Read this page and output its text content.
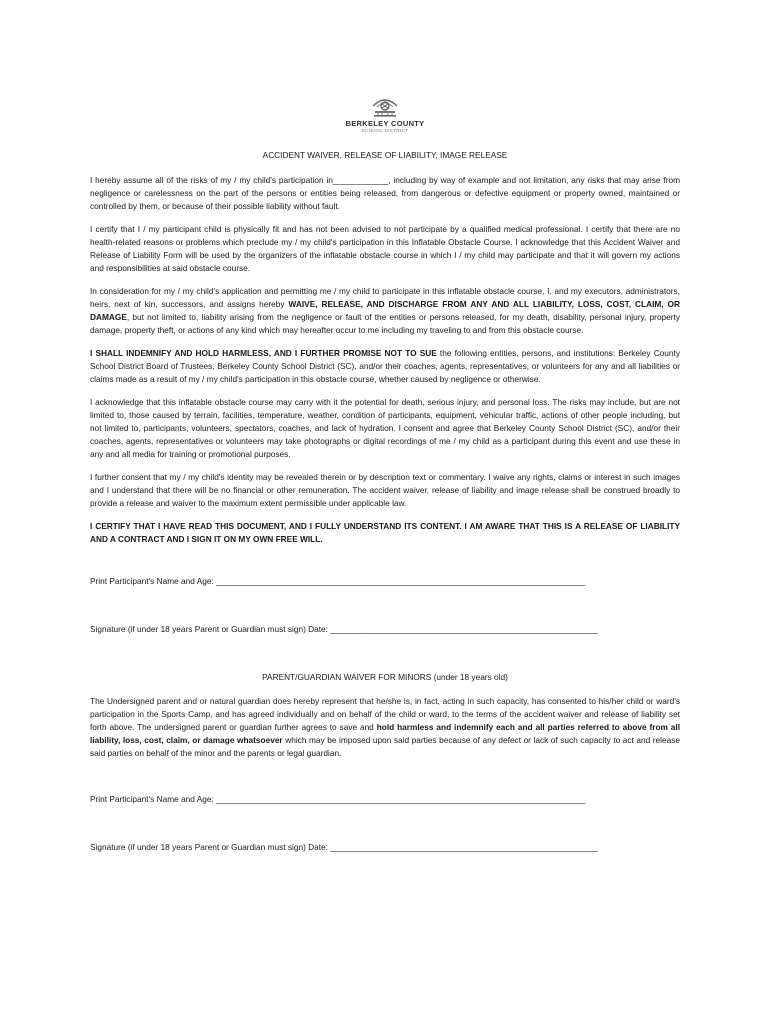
BERKELEY COUNTY
SCHOOL DISTRICT

ACCIDENT WAIVER, RELEASE OF LIABILITY, IMAGE RELEASE

I hereby assume all of the risks of my / my child's participation in____________, including by way of example and not limitation, any risks that may arise from negligence or carelessness on the part of the persons or entities being released, from dangerous or defective equipment or property owned, maintained or controlled by them, or because of their possible liability without fault.

I certify that I / my participant child is physically fit and has not been advised to not participate by a qualified medical professional. I certify that there are no health-related reasons or problems which preclude my / my child's participation in this Inflatable Obstacle Course. I acknowledge that this Accident Waiver and Release of Liability Form will be used by the organizers of the inflatable obstacle course in which I / my child may participate and that it will govern my actions and responsibilities at said obstacle course.

In consideration for my / my child's application and permitting me / my child to participate in this inflatable obstacle course, I, and my executors, administrators, heirs, next of kin, successors, and assigns hereby WAIVE, RELEASE, AND DISCHARGE FROM ANY AND ALL LIABILITY, LOSS, COST, CLAIM, OR DAMAGE, but not limited to, liability arising from the negligence or fault of the entities or persons released, for my death, disability, personal injury, property damage, property theft, or actions of any kind which may hereafter occur to me including my traveling to and from this obstacle course.

I SHALL INDEMNIFY AND HOLD HARMLESS, AND I FURTHER PROMISE NOT TO SUE the following entities, persons, and institutions: Berkeley County School District Board of Trustees, Berkeley County School District (SC), and/or their coaches, agents, representatives, or volunteers for any and all liabilities or claims made as a result of my / my child's participation in this obstacle course, whether caused by negligence or otherwise.

I acknowledge that this inflatable obstacle course may carry with it the potential for death, serious injury, and personal loss. The risks may include, but are not limited to, those caused by terrain, facilities, temperature, weather, condition of participants, equipment, vehicular traffic, actions of other people including, but not limited to, participants, volunteers, spectators, coaches, and lack of hydration. I consent and agree that Berkeley County School District (SC), and/or their coaches, agents, representatives or volunteers may take photographs or digital recordings of me / my child as a participant during this event and use these in any and all media for training or promotional purposes.

I further consent that my / my child's identity may be revealed therein or by description text or commentary. I waive any rights, claims or interest in such images and I understand that there will be no financial or other remuneration. The accident waiver, release of liability and image release shall be construed broadly to provide a release and waiver to the maximum extent permissible under applicable law.

I CERTIFY THAT I HAVE READ THIS DOCUMENT, AND I FULLY UNDERSTAND ITS CONTENT. I AM AWARE THAT THIS IS A RELEASE OF LIABILITY AND A CONTRACT AND I SIGN IT ON MY OWN FREE WILL.

Print Participant's Name and Age: ________________________________________________________________________________

Signature (if under 18 years Parent or Guardian must sign) Date: __________________________________________________________

PARENT/GUARDIAN WAIVER FOR MINORS (under 18 years old)

The Undersigned parent and or natural guardian does hereby represent that he/she is, in fact, acting in such capacity, has consented to his/her child or ward's participation in the Sports Camp, and has agreed individually and on behalf of the child or ward, to the terms of the accident waiver and release of liability set forth above. The undersigned parent or guardian further agrees to save and hold harmless and indemnify each and all parties referred to above from all liability, loss, cost, claim, or damage whatsoever which may be imposed upon said parties because of any defect or lack of such capacity to act and release said parties on behalf of the minor and the parents or legal guardian.

Print Participant's Name and Age: ________________________________________________________________________________

Signature (if under 18 years Parent or Guardian must sign) Date: __________________________________________________________
